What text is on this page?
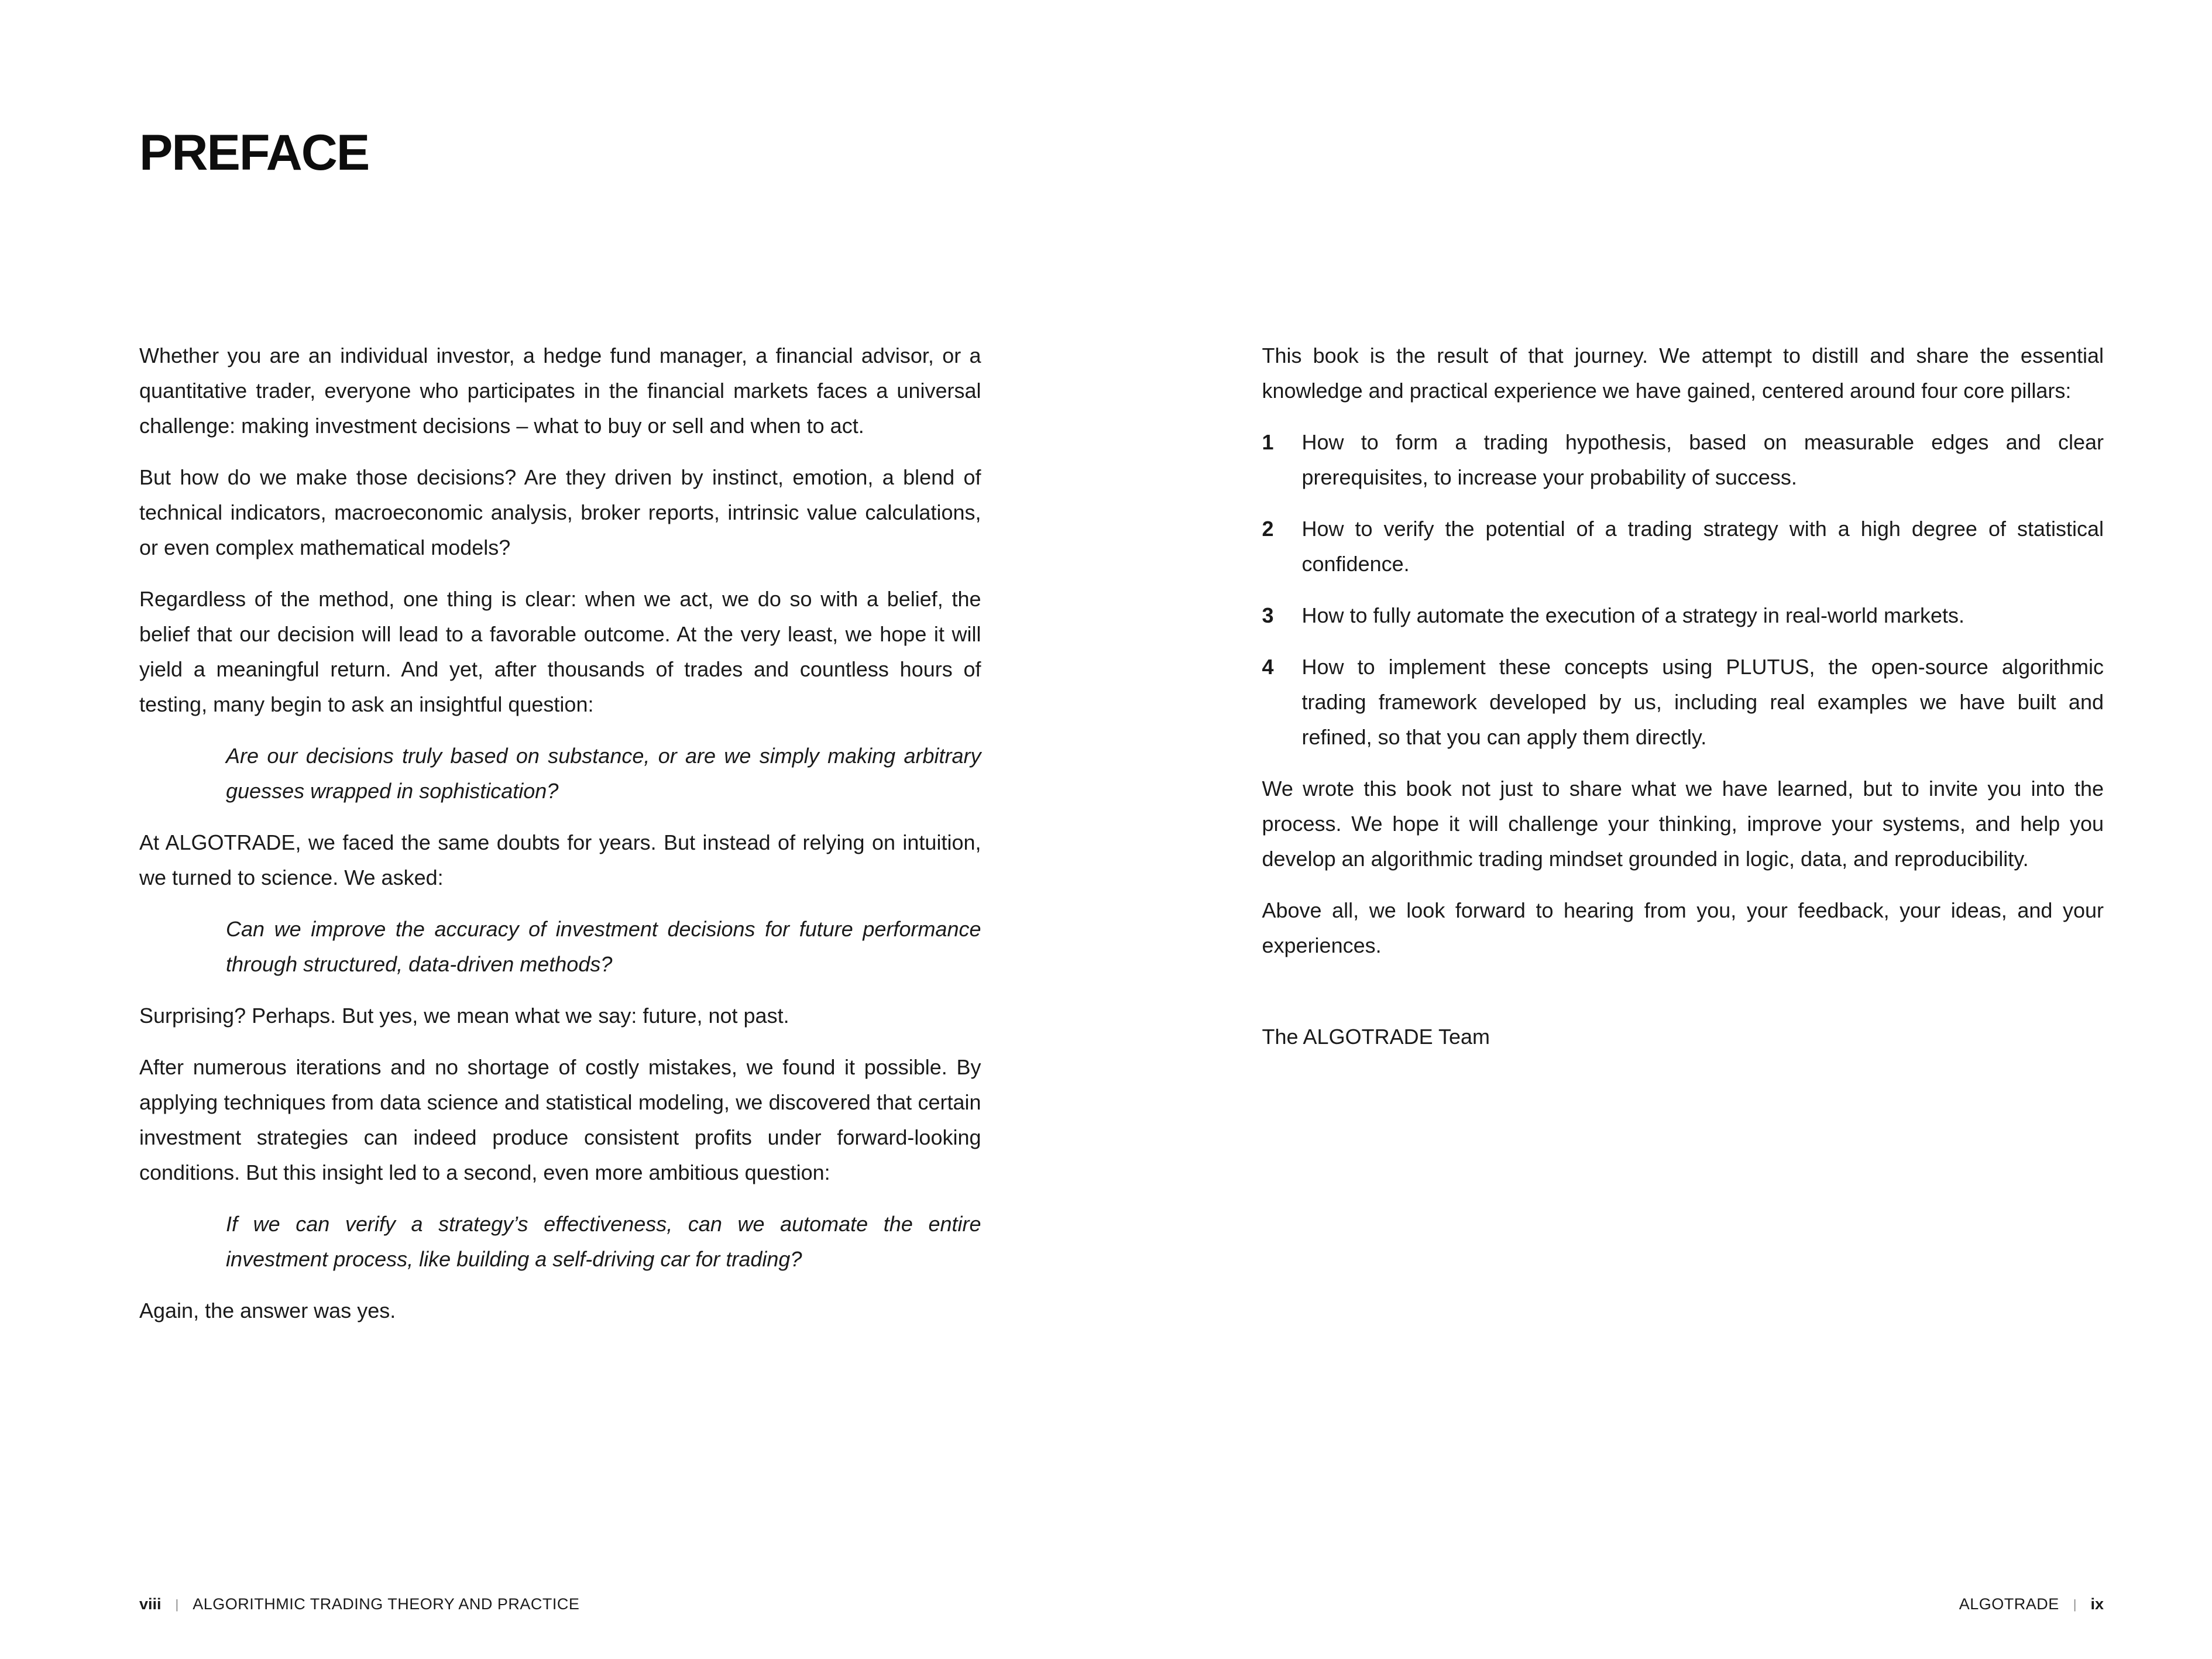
PREFACE

Whether you are an individual investor, a hedge fund manager, a financial advisor, or a quantitative trader, everyone who participates in the financial markets faces a universal challenge: making investment decisions – what to buy or sell and when to act.

But how do we make those decisions? Are they driven by instinct, emotion, a blend of technical indicators, macroeconomic analysis, broker reports, intrinsic value calculations, or even complex mathematical models?

Regardless of the method, one thing is clear: when we act, we do so with a belief, the belief that our decision will lead to a favorable outcome. At the very least, we hope it will yield a meaningful return. And yet, after thousands of trades and countless hours of testing, many begin to ask an insightful question:

Are our decisions truly based on substance, or are we simply making arbitrary guesses wrapped in sophistication?

At ALGOTRADE, we faced the same doubts for years. But instead of relying on intuition, we turned to science. We asked:

Can we improve the accuracy of investment decisions for future performance through structured, data-driven methods?

Surprising? Perhaps. But yes, we mean what we say: future, not past.

After numerous iterations and no shortage of costly mistakes, we found it possible. By applying techniques from data science and statistical modeling, we discovered that certain investment strategies can indeed produce consistent profits under forward-looking conditions. But this insight led to a second, even more ambitious question:

If we can verify a strategy’s effectiveness, can we automate the entire investment process, like building a self-driving car for trading?

Again, the answer was yes.

This book is the result of that journey. We attempt to distill and share the essential knowledge and practical experience we have gained, centered around four core pillars:

1	How to form a trading hypothesis, based on measurable edges and clear prerequisites, to increase your probability of success.

2	How to verify the potential of a trading strategy with a high degree of statistical confidence.

3	How to fully automate the execution of a strategy in real-world markets.

4	How to implement these concepts using PLUTUS, the open-source algorithmic trading framework developed by us, including real examples we have built and refined, so that you can apply them directly.

We wrote this book not just to share what we have learned, but to invite you into the process. We hope it will challenge your thinking, improve your systems, and help you develop an algorithmic trading mindset grounded in logic, data, and reproducibility.

Above all, we look forward to hearing from you, your feedback, your ideas, and your experiences.

The ALGOTRADE Team

viii | ALGORITHMIC TRADING THEORY AND PRACTICE	ALGOTRADE | ix
